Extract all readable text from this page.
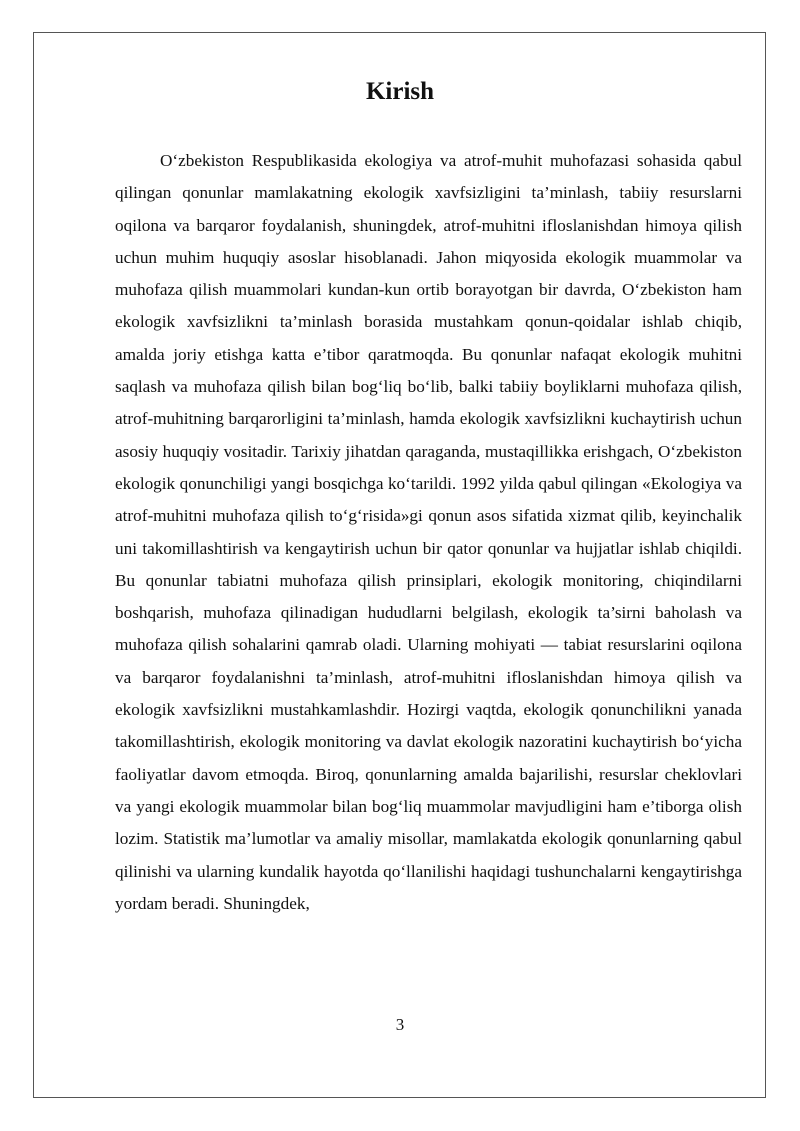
Kirish

O‘zbekiston Respublikasida ekologiya va atrof-muhit muhofazasi sohasida qabul qilingan qonunlar mamlakatning ekologik xavfsizligini ta’minlash, tabiiy resurslarni oqilona va barqaror foydalanish, shuningdek, atrof-muhitni ifloslanishdan himoya qilish uchun muhim huquqiy asoslar hisoblanadi. Jahon miqyosida ekologik muammolar va muhofaza qilish muammolari kundan-kun ortib borayotgan bir davrda, O‘zbekiston ham ekologik xavfsizlikni ta’minlash borasida mustahkam qonun-qoidalar ishlab chiqib, amalda joriy etishga katta e’tibor qaratmoqda. Bu qonunlar nafaqat ekologik muhitni saqlash va muhofaza qilish bilan bog‘liq bo‘lib, balki tabiiy boyliklarni muhofaza qilish, atrof-muhitning barqarorligini ta’minlash, hamda ekologik xavfsizlikni kuchaytirish uchun asosiy huquqiy vositadir. Tarixiy jihatdan qaraganda, mustaqillikka erishgach, O‘zbekiston ekologik qonunchiligi yangi bosqichga ko‘tarildi. 1992 yilda qabul qilingan «Ekologiya va atrof-muhitni muhofaza qilish to‘g‘risida»gi qonun asos sifatida xizmat qilib, keyinchalik uni takomillashtirish va kengaytirish uchun bir qator qonunlar va hujjatlar ishlab chiqildi. Bu qonunlar tabiatni muhofaza qilish prinsiplari, ekologik monitoring, chiqindilarni boshqarish, muhofaza qilinadigan hududlarni belgilash, ekologik ta’sirni baholash va muhofaza qilish sohalarini qamrab oladi. Ularning mohiyati — tabiat resurslarini oqilona va barqaror foydalanishni ta’minlash, atrof-muhitni ifloslanishdan himoya qilish va ekologik xavfsizlikni mustahkamlashdir. Hozirgi vaqtda, ekologik qonunchilikni yanada takomillashtirish, ekologik monitoring va davlat ekologik nazoratini kuchaytirish bo‘yicha faoliyatlar davom etmoqda. Biroq, qonunlarning amalda bajarilishi, resurslar cheklovlari va yangi ekologik muammolar bilan bog‘liq muammolar mavjudligini ham e’tiborga olish lozim. Statistik ma’lumotlar va amaliy misollar, mamlakatda ekologik qonunlarning qabul qilinishi va ularning kundalik hayotda qo‘llanilishi haqidagi tushunchalarni kengaytirishga yordam beradi. Shuningdek,

3
